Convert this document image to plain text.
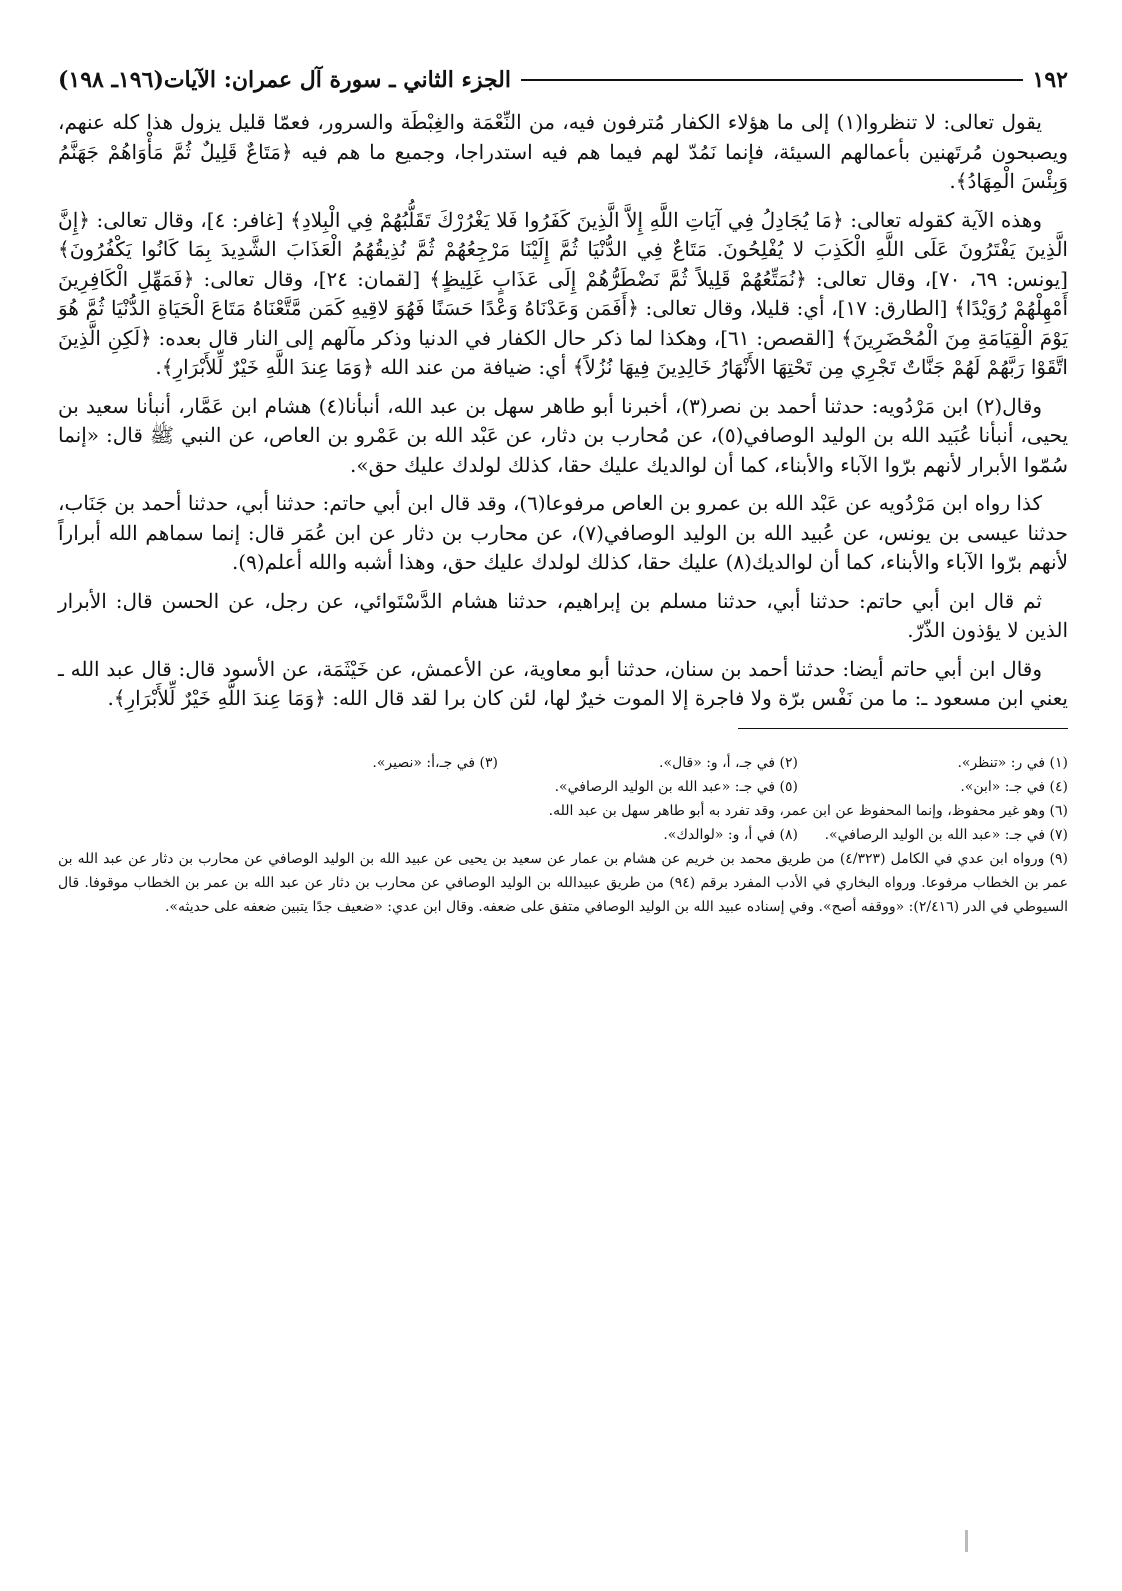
١٩٢
الجزء الثاني ـ سورة آل عمران: الآيات(١٩٦ـ ١٩٨)

يقول تعالى: لا تنظروا(١) إلى ما هؤلاء الكفار مُترفون فيه، من النِّعْمَة والغِبْطَة والسرور، فعمّا قليل يزول هذا كله عنهم، ويصبحون مُرتَهنين بأعمالهم السيئة، فإنما نَمُدّ لهم فيما هم فيه استدراجا، وجميع ما هم فيه ﴿مَتَاعٌ قَلِيلٌ ثُمَّ مَأْوَاهُمْ جَهَنَّمُ وَبِئْسَ الْمِهَادُ﴾.

وهذه الآية كقوله تعالى: ﴿مَا يُجَادِلُ فِي آيَاتِ اللَّهِ إِلاَّ الَّذِينَ كَفَرُوا فَلا يَغْرُرْكَ تَقَلُّبُهُمْ فِي الْبِلادِ﴾ [غافر: ٤]، وقال تعالى: ﴿إِنَّ الَّذِينَ يَفْتَرُونَ عَلَى اللَّهِ الْكَذِبَ لا يُفْلِحُونَ. مَتَاعٌ فِي الدُّنْيَا ثُمَّ إِلَيْنَا مَرْجِعُهُمْ ثُمَّ نُذِيقُهُمُ الْعَذَابَ الشَّدِيدَ بِمَا كَانُوا يَكْفُرُونَ﴾ [يونس: ٦٩، ٧٠]، وقال تعالى: ﴿نُمَتِّعُهُمْ قَلِيلاً ثُمَّ نَضْطَرُّهُمْ إِلَى عَذَابٍ غَلِيظٍ﴾ [لقمان: ٢٤]، وقال تعالى: ﴿فَمَهِّلِ الْكَافِرِينَ أَمْهِلْهُمْ رُوَيْدًا﴾ [الطارق: ١٧]، أي: قليلا، وقال تعالى: ﴿أَفَمَن وَعَدْنَاهُ وَعْدًا حَسَنًا فَهُوَ لاقِيهِ كَمَن مَّتَّعْنَاهُ مَتَاعَ الْحَيَاةِ الدُّنْيَا ثُمَّ هُوَ يَوْمَ الْقِيَامَةِ مِنَ الْمُحْضَرِينَ﴾ [القصص: ٦١]، وهكذا لما ذكر حال الكفار في الدنيا وذكر مآلهم إلى النار قال بعده: ﴿لَكِنِ الَّذِينَ اتَّقَوْا رَبَّهُمْ لَهُمْ جَنَّاتٌ تَجْرِي مِن تَحْتِهَا الأَنْهَارُ خَالِدِينَ فِيهَا نُزُلاً﴾ أي: ضيافة من عند الله ﴿وَمَا عِندَ اللَّهِ خَيْرٌ لِّلأَبْرَارِ﴾.

وقال(٢) ابن مَرْدُويه: حدثنا أحمد بن نصر(٣)، أخبرنا أبو طاهر سهل بن عبد الله، أنبأنا(٤) هشام ابن عَمَّار، أنبأنا سعيد بن يحيى، أنبأنا عُبَيد الله بن الوليد الوصافي(٥)، عن مُحارب بن دثار، عن عَبْد الله بن عَمْرو بن العاص، عن النبي ﷺ قال: «إنما سُمّوا الأبرار لأنهم برّوا الآباء والأبناء، كما أن لوالديك عليك حقا، كذلك لولدك عليك حق».

كذا رواه ابن مَرْدُويه عن عَبْد الله بن عمرو بن العاص مرفوعا(٦)، وقد قال ابن أبي حاتم: حدثنا أبي، حدثنا أحمد بن جَنَاب، حدثنا عيسى بن يونس، عن عُبيد الله بن الوليد الوصافي(٧)، عن محارب بن دثار عن ابن عُمَر قال: إنما سماهم الله أبراراً لأنهم برّوا الآباء والأبناء، كما أن لوالديك(٨) عليك حقا، كذلك لولدك عليك حق، وهذا أشبه والله أعلم(٩).

ثم قال ابن أبي حاتم: حدثنا أبي، حدثنا مسلم بن إبراهيم، حدثنا هشام الدَّسْتَوائي، عن رجل، عن الحسن قال: الأبرار الذين لا يؤذون الذّرّ.

وقال ابن أبي حاتم أيضا: حدثنا أحمد بن سنان، حدثنا أبو معاوية، عن الأعمش، عن خَيْثَمَة، عن الأسود قال: قال عبد الله ـ يعني ابن مسعود ـ: ما من نَفْس برّة ولا فاجرة إلا الموت خيرٌ لها، لئن كان برا لقد قال الله: ﴿وَمَا عِندَ اللَّهِ خَيْرٌ لِّلأَبْرَارِ﴾.

(١) في ر: «تنظر».
(٢) في جـ، أ، و: «قال».
(٣) في جـ،أ: «نصير».
(٤) في جـ: «ابن».
(٥) في جـ: «عبد الله بن الوليد الرصافي».
(٦) وهو غير محفوظ، وإنما المحفوظ عن ابن عمر، وقد تفرد به أبو طاهر سهل بن عبد الله.
(٧) في جـ: «عبد الله بن الوليد الرصافي».
(٨) في أ، و: «لوالدك».
(٩) ورواه ابن عدي في الكامل (٤/٣٢٣) من طريق محمد بن خريم عن هشام بن عمار عن سعيد بن يحيى عن عبيد الله بن الوليد الوصافي عن محارب بن دثار عن عبد الله بن عمر بن الخطاب مرفوعا. ورواه البخاري في الأدب المفرد برقم (٩٤) من طريق عبيدالله بن الوليد الوصافي عن محارب بن دثار عن عبد الله بن عمر بن الخطاب موقوفا. قال السيوطي في الدر (٢/٤١٦): «ووقفه أصح». وفي إسناده عبيد الله بن الوليد الوصافي متفق على ضعفه. وقال ابن عدي: «ضعيف جدًا يتبين ضعفه على حديثه».
